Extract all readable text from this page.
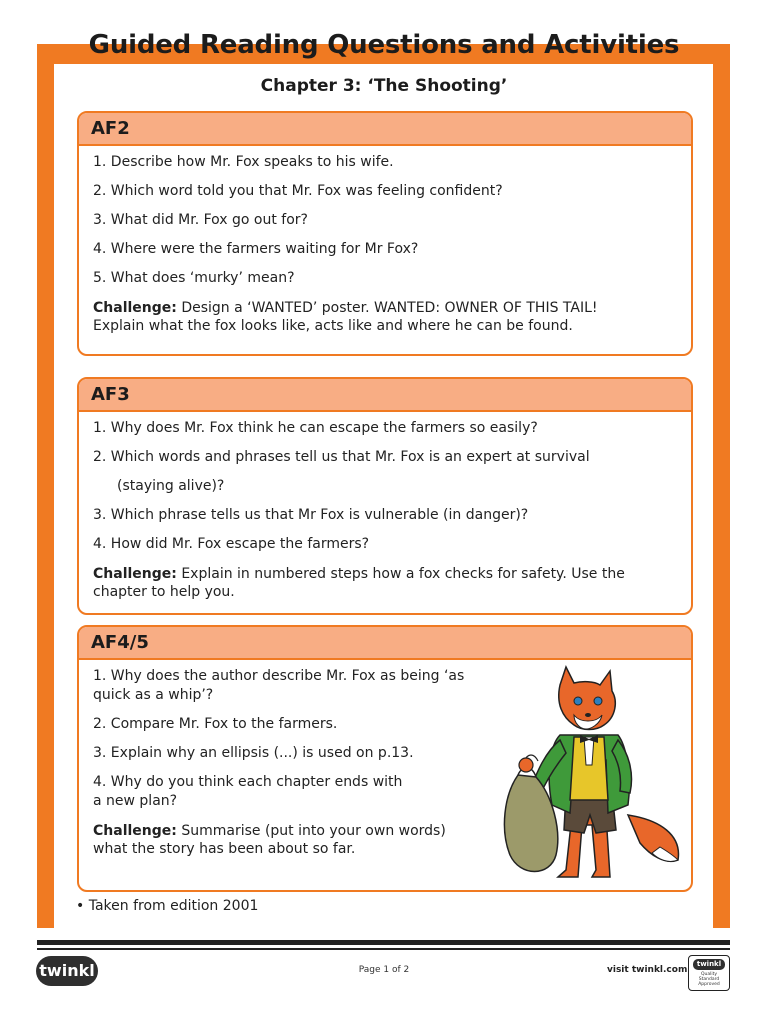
Guided Reading Questions and Activities
Chapter 3: ‘The Shooting’
AF2
1. Describe how Mr. Fox speaks to his wife.
2. Which word told you that Mr. Fox was feeling confident?
3. What did Mr. Fox go out for?
4. Where were the farmers waiting for Mr Fox?
5. What does ‘murky’ mean?
Challenge: Design a ‘WANTED’ poster. WANTED: OWNER OF THIS TAIL!
Explain what the fox looks like, acts like and where he can be found.
AF3
1. Why does Mr. Fox think he can escape the farmers so easily?
2. Which words and phrases tell us that Mr. Fox is an expert at survival
(staying alive)?
3. Which phrase tells us that Mr Fox is vulnerable (in danger)?
4. How did Mr. Fox escape the farmers?
Challenge: Explain in numbered steps how a fox checks for safety. Use the
chapter to help you.
AF4/5
1. Why does the author describe Mr. Fox as being ‘as
quick as a whip’?
2. Compare Mr. Fox to the farmers.
3. Explain why an ellipsis (...) is used on p.13.
4. Why do you think each chapter ends with
a new plan?
Challenge: Summarise (put into your own words)
what the story has been about so far.
• Taken from edition 2001
twinkl	Page 1 of 2	visit twinkl.com
twinkl
Quality Standard Approved
